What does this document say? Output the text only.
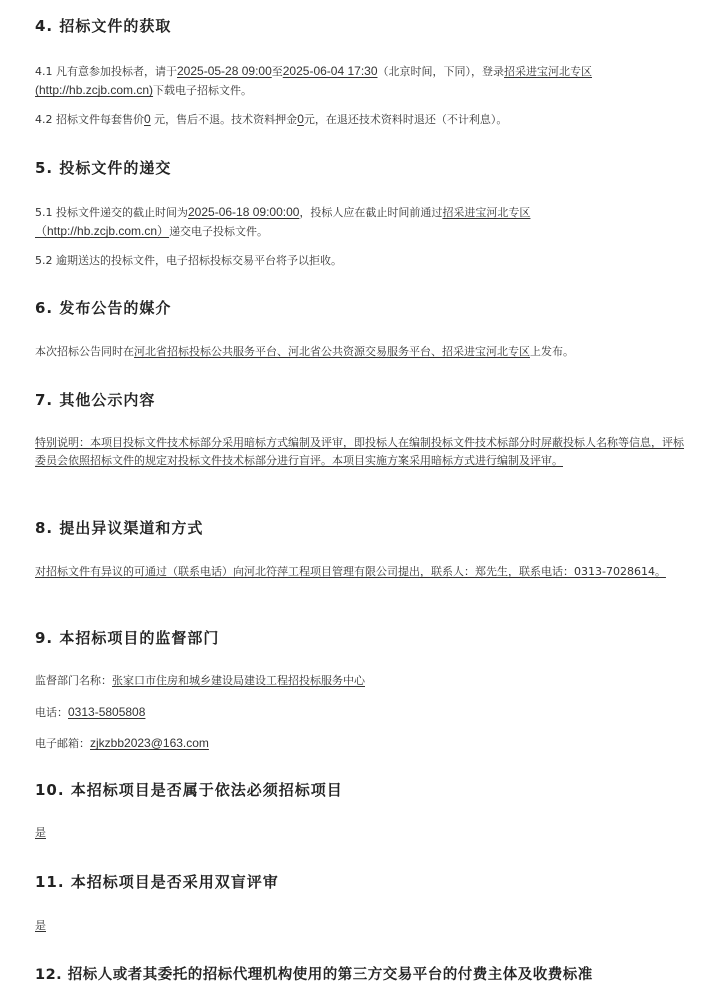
4. 招标文件的获取

4.1 凡有意参加投标者，请于2025-05-28 09:00至2025-06-04 17:30（北京时间，下同），登录招采进宝河北专区
(http://hb.zcjb.com.cn)下载电子招标文件。

4.2 招标文件每套售价0 元，售后不退。技术资料押金0元，在退还技术资料时退还（不计利息）。

5. 投标文件的递交

5.1 投标文件递交的截止时间为2025-06-18 09:00:00，投标人应在截止时间前通过招采进宝河北专区
（http://hb.zcjb.com.cn）递交电子投标文件。

5.2 逾期送达的投标文件，电子招标投标交易平台将予以拒收。

6. 发布公告的媒介

本次招标公告同时在河北省招标投标公共服务平台、河北省公共资源交易服务平台、招采进宝河北专区上发布。

7. 其他公示内容

特别说明：本项目投标文件技术标部分采用暗标方式编制及评审，即投标人在编制投标文件技术标部分时屏蔽投标人名称等信息，评标委员会依照招标文件的规定对投标文件技术标部分进行盲评。本项目实施方案采用暗标方式进行编制及评审。

8. 提出异议渠道和方式

对招标文件有异议的可通过（联系电话）向河北符萍工程项目管理有限公司提出，联系人：郑先生，联系电话：0313-7028614。

9. 本招标项目的监督部门

监督部门名称：张家口市住房和城乡建设局建设工程招投标服务中心

电话：0313-5805808

电子邮箱：zjkzbb2023@163.com

10. 本招标项目是否属于依法必须招标项目

是

11. 本招标项目是否采用双盲评审

是

12. 招标人或者其委托的招标代理机构使用的第三方交易平台的付费主体及收费标准
